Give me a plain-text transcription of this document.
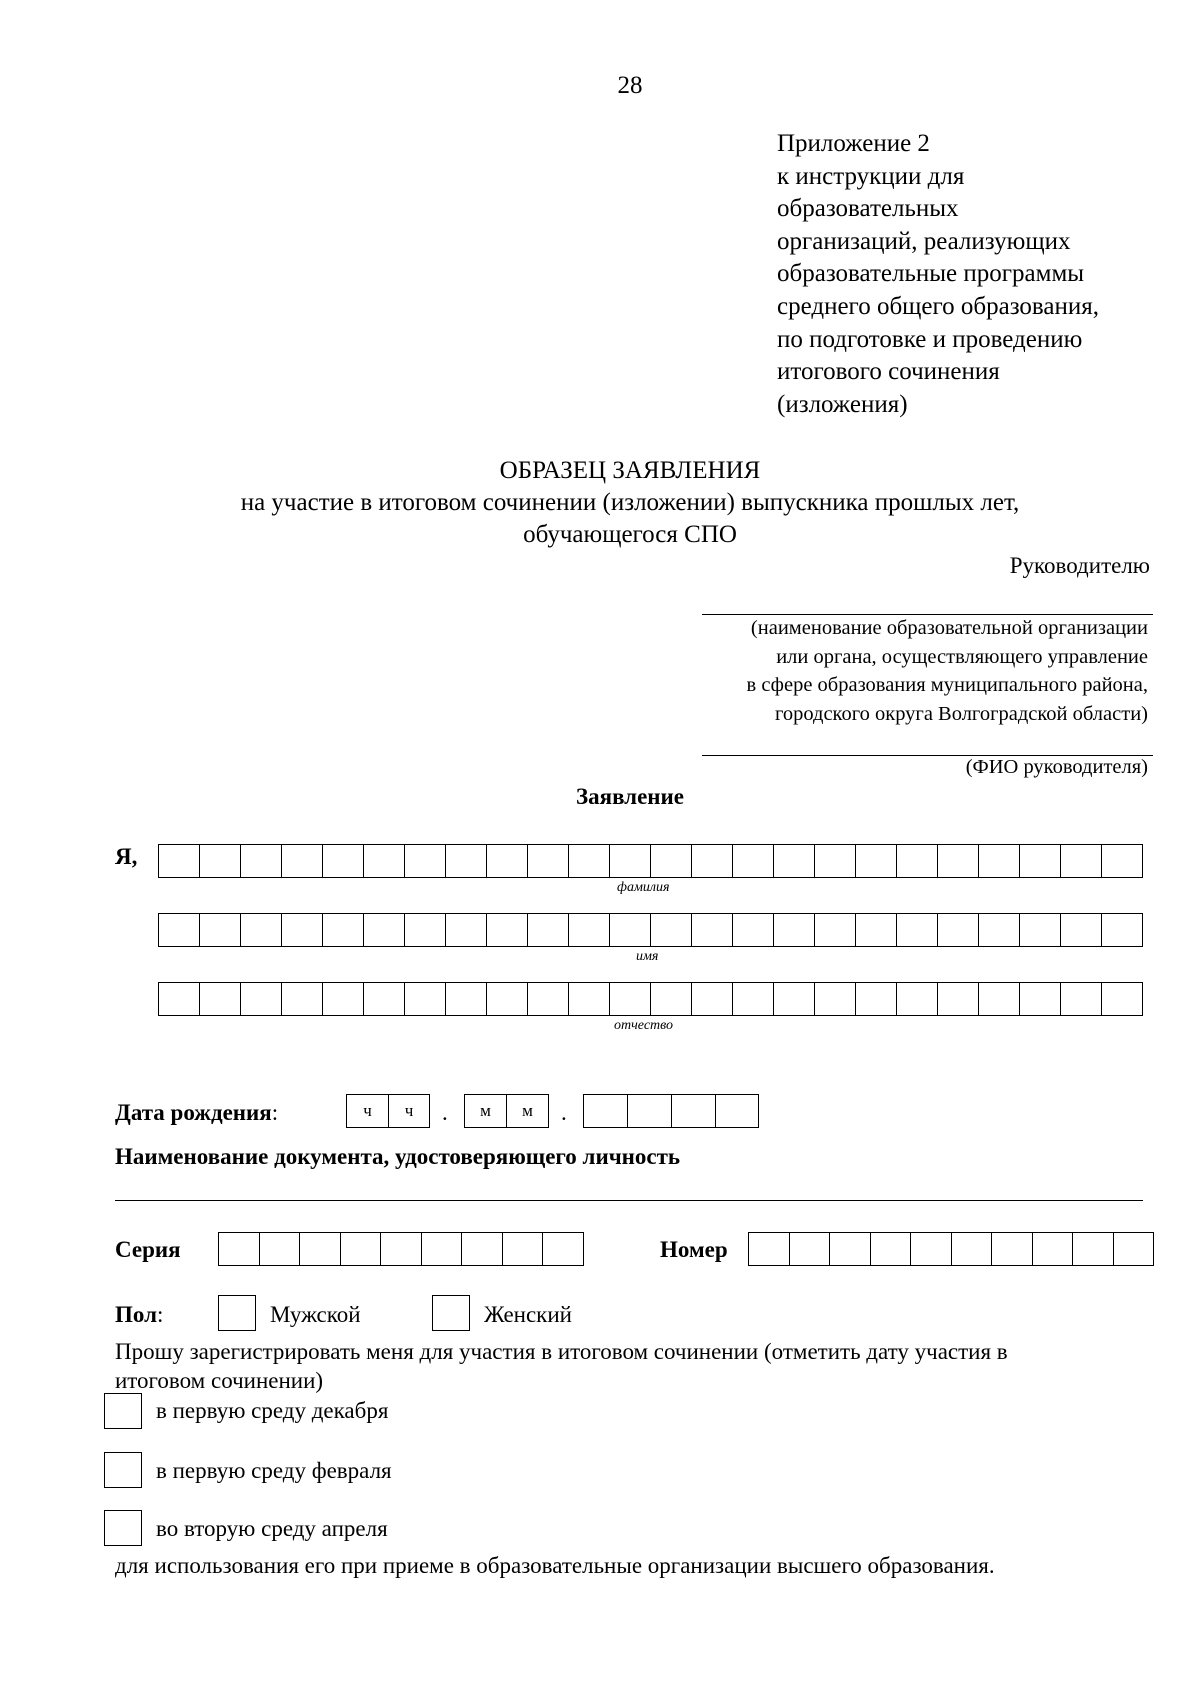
28
Приложение 2
к инструкции для
образовательных
организаций, реализующих
образовательные программы
среднего общего образования,
по подготовке и проведению
итогового сочинения
(изложения)
ОБРАЗЕЦ ЗАЯВЛЕНИЯ
на участие в итоговом сочинении (изложении) выпускника прошлых лет,
обучающегося СПО
Руководителю
(наименование образовательной организации
или органа, осуществляющего управление
в сфере образования муниципального района,
городского округа Волгоградской области)
(ФИО руководителя)
Заявление
Я,
фамилия
имя
отчество
Дата рождения:	ч	ч	.	м	м	.
Наименование документа, удостоверяющего личность
Серия	Номер
Пол:	Мужской	Женский
Прошу зарегистрировать меня для участия в итоговом сочинении (отметить дату участия в
итоговом сочинении)
в первую среду декабря
в первую среду февраля
во вторую среду апреля
для использования его при приеме в образовательные организации высшего образования.
